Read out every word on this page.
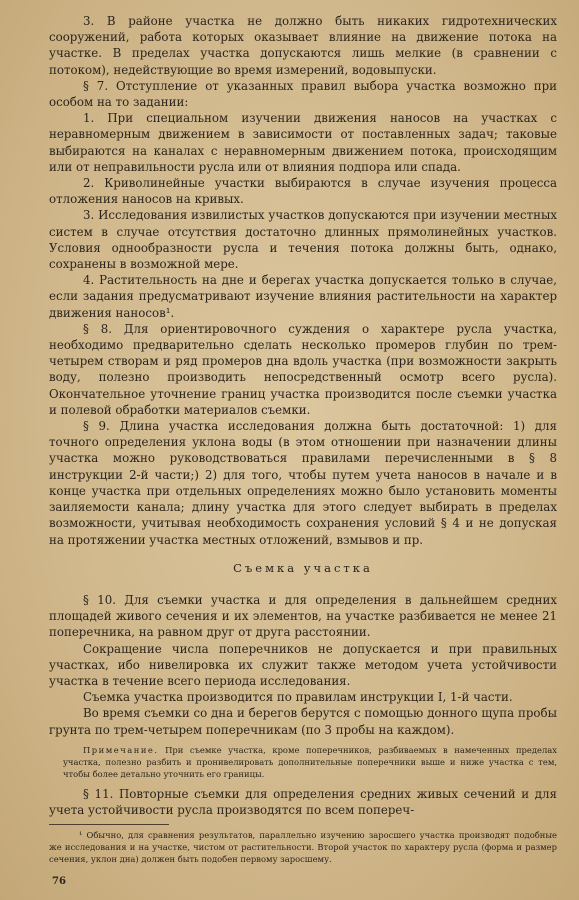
3. В районе участка не должно быть никаких гидротехнических сооружений, работа которых оказывает влияние на движение потока на участке. В пределах участка допускаются лишь мелкие (в сравнении с потоком), недействующие во время измерений, водовыпуски.

§ 7. Отступление от указанных правил выбора участка возможно при особом на то задании:

1. При специальном изучении движения наносов на участках с неравномерным движением в зависимости от поставленных задач; таковые выбираются на каналах с неравномерным движением потока, происходящим или от неправильности русла или от влияния подпора или спада.

2. Криволинейные участки выбираются в случае изучения процесса отложения наносов на кривых.

3. Исследования извилистых участков допускаются при изучении местных систем в случае отсутствия достаточно длинных прямолинейных участков. Условия однообразности русла и течения потока должны быть, однако, сохранены в возможной мере.

4. Растительность на дне и берегах участка допускается только в случае, если задания предусматривают изучение влияния растительности на характер движения наносов¹.

§ 8. Для ориентировочного суждения о характере русла участка, необходимо предварительно сделать несколько промеров глубин по трем-четырем створам и ряд промеров дна вдоль участка (при возможности закрыть воду, полезно производить непосредственный осмотр всего русла). Окончательное уточнение границ участка производится после съемки участка и полевой обработки материалов съемки.

§ 9. Длина участка исследования должна быть достаточной: 1) для точного определения уклона воды (в этом отношении при назначении длины участка можно руководствоваться правилами перечисленными в § 8 инструкции 2-й части;) 2) для того, чтобы путем учета наносов в начале и в конце участка при отдельных определениях можно было установить моменты заиляемости канала; длину участка для этого следует выбирать в пределах возможности, учитывая необходимость сохранения условий § 4 и не допуская на протяжении участка местных отложений, взмывов и пр.

Съемка участка

§ 10. Для съемки участка и для определения в дальнейшем средних площадей живого сечения и их элементов, на участке разбивается не менее 21 поперечника, на равном друг от друга расстоянии.

Сокращение числа поперечников не допускается и при правильных участках, ибо нивелировка их служит также методом учета устойчивости участка в течение всего периода исследования.

Съемка участка производится по правилам инструкции I, 1-й части.

Во время съемки со дна и берегов берутся с помощью донного щупа пробы грунта по трем-четырем поперечникам (по 3 пробы на каждом).

Примечание. При съемке участка, кроме поперечников, разбиваемых в намеченных пределах участка, полезно разбить и пронивелировать дополнительные поперечники выше и ниже участка с тем, чтобы более детально уточнить его границы.

§ 11. Повторные съемки для определения средних живых сечений и для учета устойчивости русла производятся по всем попереч-

¹ Обычно, для сравнения результатов, параллельно изучению заросшего участка производят подобные же исследования и на участке, чистом от растительности. Второй участок по характеру русла (форма и размер сечения, уклон дна) должен быть подобен первому заросшему.

76
